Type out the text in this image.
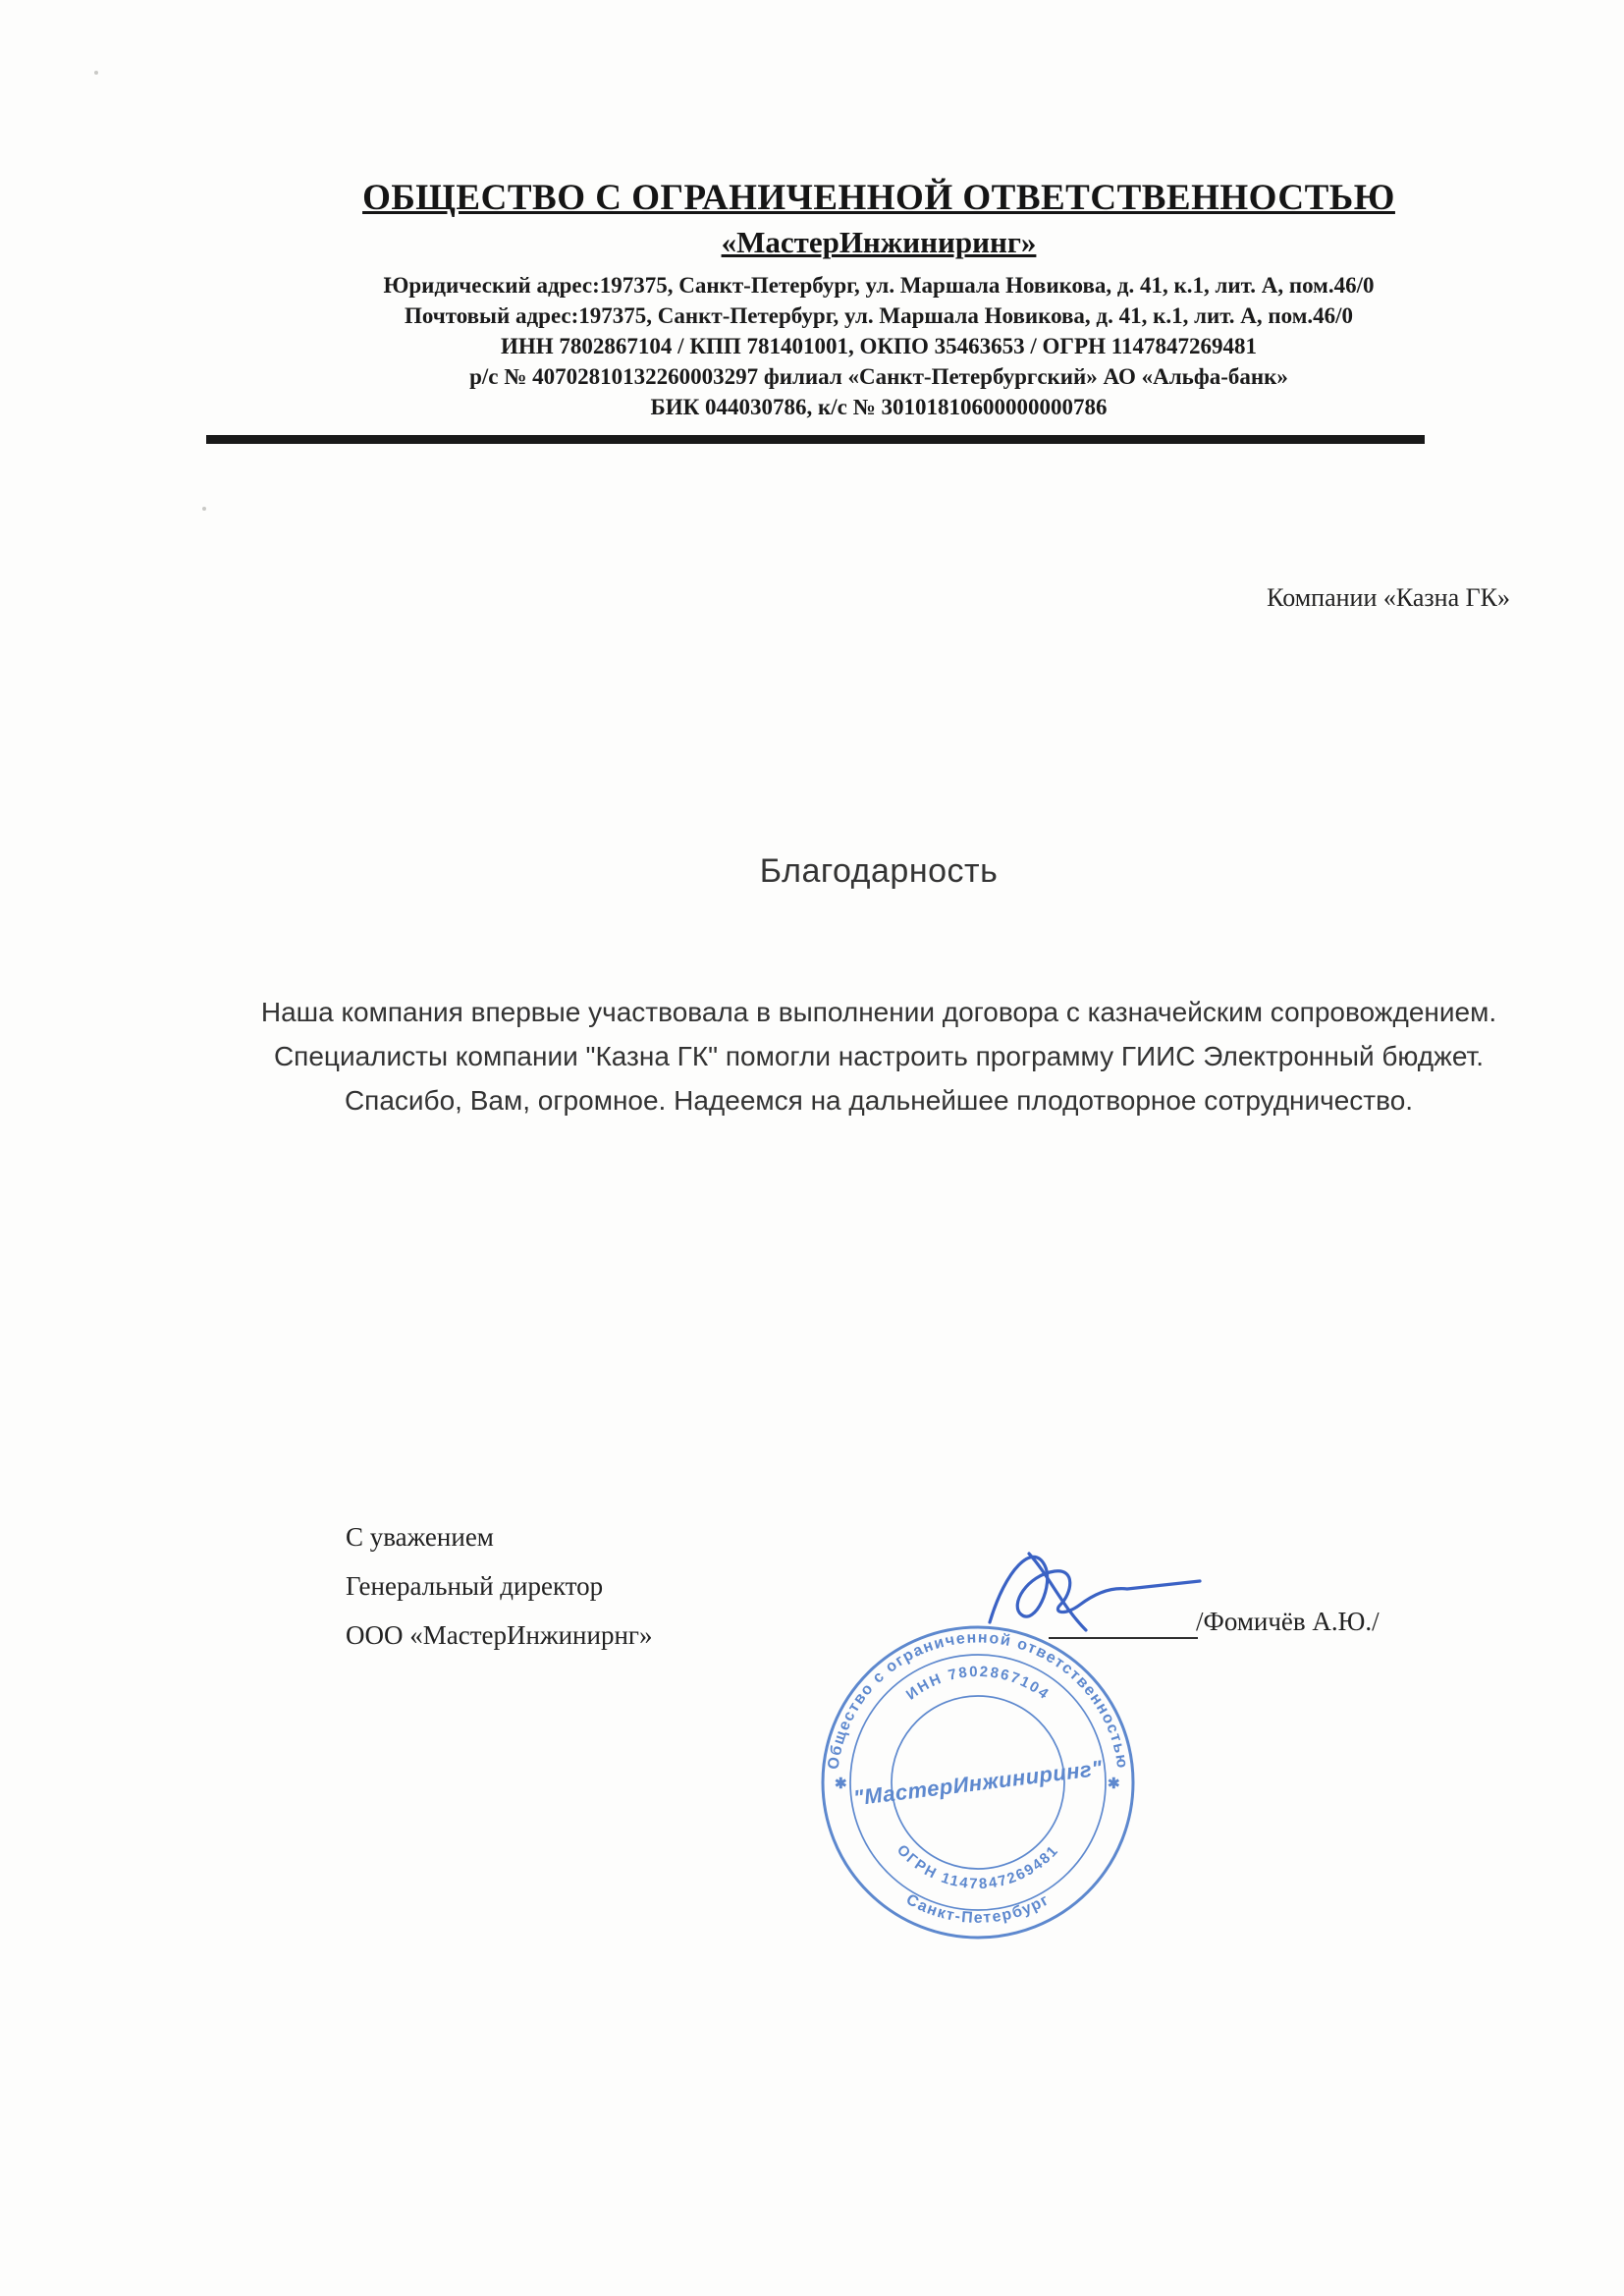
ОБЩЕСТВО С ОГРАНИЧЕННОЙ ОТВЕТСТВЕННОСТЬЮ
«МастерИнжиниринг»
Юридический адрес:197375, Санкт-Петербург, ул. Маршала Новикова, д. 41, к.1, лит. А, пом.46/0
Почтовый адрес:197375, Санкт-Петербург, ул. Маршала Новикова, д. 41, к.1, лит. А, пом.46/0
ИНН 7802867104 / КПП 781401001, ОКПО 35463653 / ОГРН 1147847269481
р/с № 40702810132260003297 филиал «Санкт-Петербургский» АО «Альфа-банк»
БИК 044030786, к/с № 30101810600000000786
Компании «Казна ГК»
Благодарность
Наша компания впервые участвовала в выполнении договора с казначейским сопровождением. Специалисты компании "Казна ГК" помогли настроить программу ГИИС Электронный бюджет. Спасибо, Вам, огромное. Надеемся на дальнейшее плодотворное сотрудничество.
С уважением
Генеральный директор
ООО «МастерИнжинирнг»	/Фомичёв А.Ю./
Общество с ограниченной ответственностью
Санкт-Петербург
ИНН 7802867104
ОГРН 1147847269481
"МастерИнжиниринг"
✱	✱
